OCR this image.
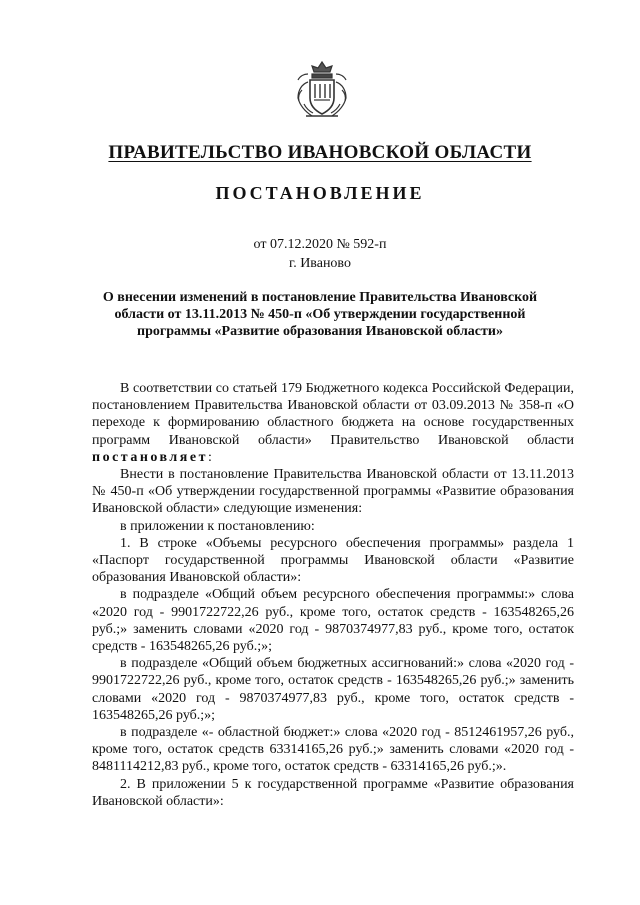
ПРАВИТЕЛЬСТВО ИВАНОВСКОЙ ОБЛАСТИ
ПОСТАНОВЛЕНИЕ
от 07.12.2020 № 592-п
г. Иваново

О внесении изменений в постановление Правительства Ивановской области от 13.11.2013 № 450-п «Об утверждении государственной программы «Развитие образования Ивановской области»

В соответствии со статьей 179 Бюджетного кодекса Российской Федерации, постановлением Правительства Ивановской области от 03.09.2013 № 358-п «О переходе к формированию областного бюджета на основе государственных программ Ивановской области» Правительство Ивановской области постановляет:

Внести в постановление Правительства Ивановской области от 13.11.2013 № 450-п «Об утверждении государственной программы «Развитие образования Ивановской области» следующие изменения:

в приложении к постановлению:

1. В строке «Объемы ресурсного обеспечения программы» раздела 1 «Паспорт государственной программы Ивановской области «Развитие образования Ивановской области»:

в подразделе «Общий объем ресурсного обеспечения программы:» слова «2020 год - 9901722722,26 руб., кроме того, остаток средств - 163548265,26 руб.;» заменить словами «2020 год - 9870374977,83 руб., кроме того, остаток средств - 163548265,26 руб.;»;

в подразделе «Общий объем бюджетных ассигнований:» слова «2020 год - 9901722722,26 руб., кроме того, остаток средств - 163548265,26 руб.;» заменить словами «2020 год - 9870374977,83 руб., кроме того, остаток средств - 163548265,26 руб.;»;

в подразделе «- областной бюджет:» слова «2020 год - 8512461957,26 руб., кроме того, остаток средств 63314165,26 руб.;» заменить словами «2020 год - 8481114212,83 руб., кроме того, остаток средств - 63314165,26 руб.;».

2. В приложении 5 к государственной программе «Развитие образования Ивановской области»:
